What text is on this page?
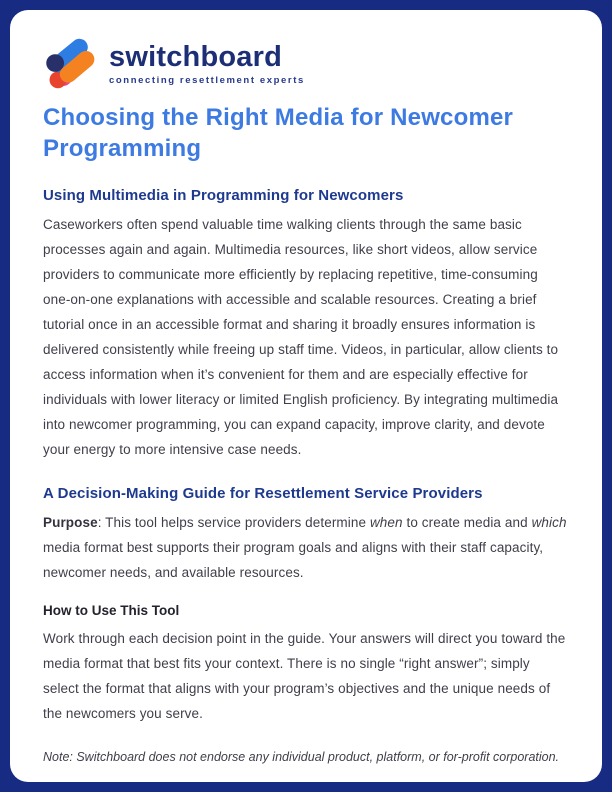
switchboard
connecting resettlement experts
Choosing the Right Media for Newcomer Programming
Using Multimedia in Programming for Newcomers

Caseworkers often spend valuable time walking clients through the same basic processes again and again. Multimedia resources, like short videos, allow service providers to communicate more efficiently by replacing repetitive, time-consuming one-on-one explanations with accessible and scalable resources. Creating a brief tutorial once in an accessible format and sharing it broadly ensures information is delivered consistently while freeing up staff time. Videos, in particular, allow clients to access information when it’s convenient for them and are especially effective for individuals with lower literacy or limited English proficiency. By integrating multimedia into newcomer programming, you can expand capacity, improve clarity, and devote your energy to more intensive case needs.

A Decision-Making Guide for Resettlement Service Providers

Purpose: This tool helps service providers determine when to create media and which media format best supports their program goals and aligns with their staff capacity, newcomer needs, and available resources.

How to Use This Tool

Work through each decision point in the guide. Your answers will direct you toward the media format that best fits your context. There is no single “right answer”; simply select the format that aligns with your program’s objectives and the unique needs of the newcomers you serve.

Note: Switchboard does not endorse any individual product, platform, or for-profit corporation.
